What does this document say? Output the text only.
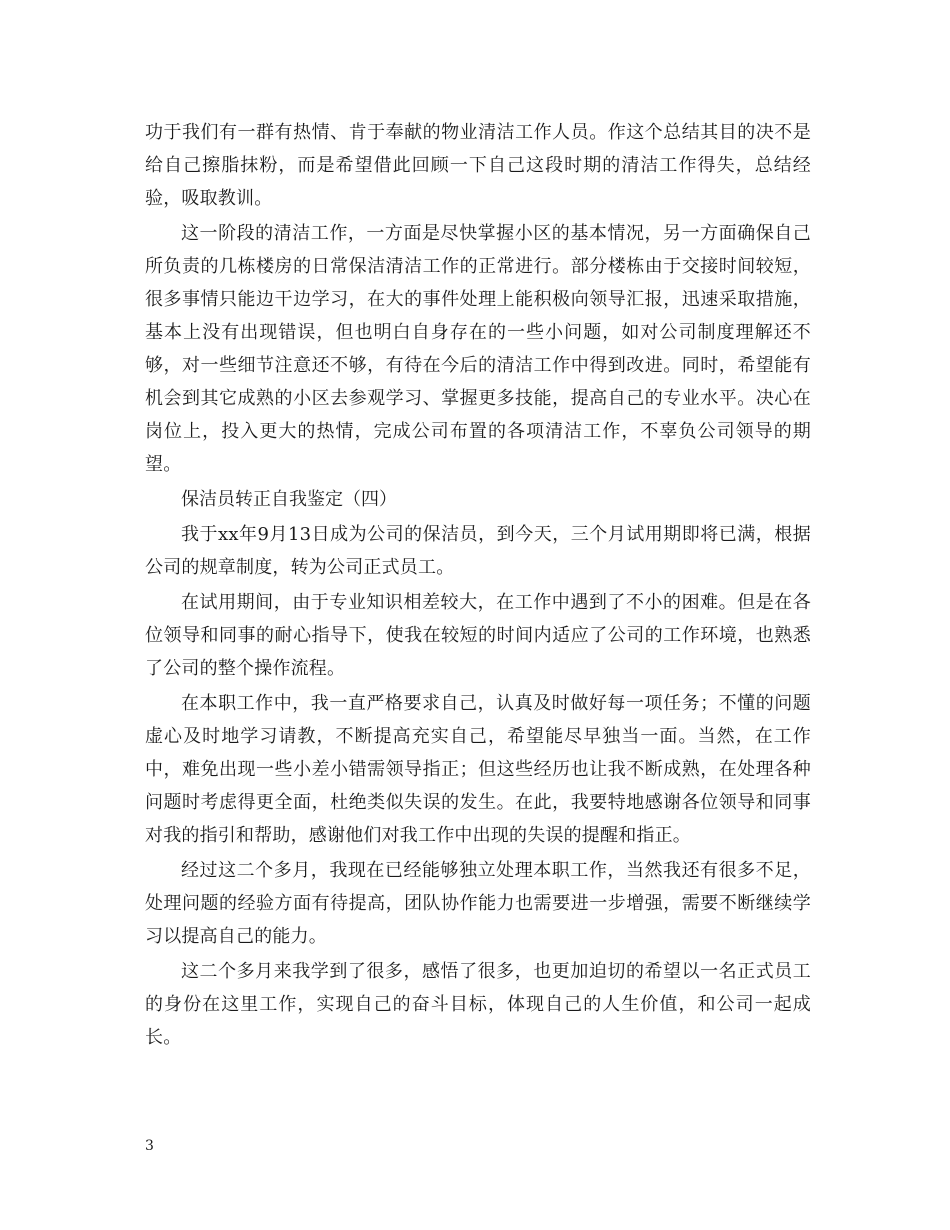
功于我们有一群有热情、肯于奉献的物业清洁工作人员。作这个总结其目的决不是给自己擦脂抹粉，而是希望借此回顾一下自己这段时期的清洁工作得失，总结经验，吸取教训。

这一阶段的清洁工作，一方面是尽快掌握小区的基本情况，另一方面确保自己所负责的几栋楼房的日常保洁清洁工作的正常进行。部分楼栋由于交接时间较短，很多事情只能边干边学习，在大的事件处理上能积极向领导汇报，迅速采取措施，基本上没有出现错误，但也明白自身存在的一些小问题，如对公司制度理解还不够，对一些细节注意还不够，有待在今后的清洁工作中得到改进。同时，希望能有机会到其它成熟的小区去参观学习、掌握更多技能，提高自己的专业水平。决心在岗位上，投入更大的热情，完成公司布置的各项清洁工作，不辜负公司领导的期望。

保洁员转正自我鉴定（四）

我于xx年9月13日成为公司的保洁员，到今天，三个月试用期即将已满，根据公司的规章制度，转为公司正式员工。

在试用期间，由于专业知识相差较大，在工作中遇到了不小的困难。但是在各位领导和同事的耐心指导下，使我在较短的时间内适应了公司的工作环境，也熟悉了公司的整个操作流程。

在本职工作中，我一直严格要求自己，认真及时做好每一项任务；不懂的问题虚心及时地学习请教，不断提高充实自己，希望能尽早独当一面。当然，在工作中，难免出现一些小差小错需领导指正；但这些经历也让我不断成熟，在处理各种问题时考虑得更全面，杜绝类似失误的发生。在此，我要特地感谢各位领导和同事对我的指引和帮助，感谢他们对我工作中出现的失误的提醒和指正。

经过这二个多月，我现在已经能够独立处理本职工作，当然我还有很多不足，处理问题的经验方面有待提高，团队协作能力也需要进一步增强，需要不断继续学习以提高自己的能力。

这二个多月来我学到了很多，感悟了很多，也更加迫切的希望以一名正式员工的身份在这里工作，实现自己的奋斗目标，体现自己的人生价值，和公司一起成长。

3
